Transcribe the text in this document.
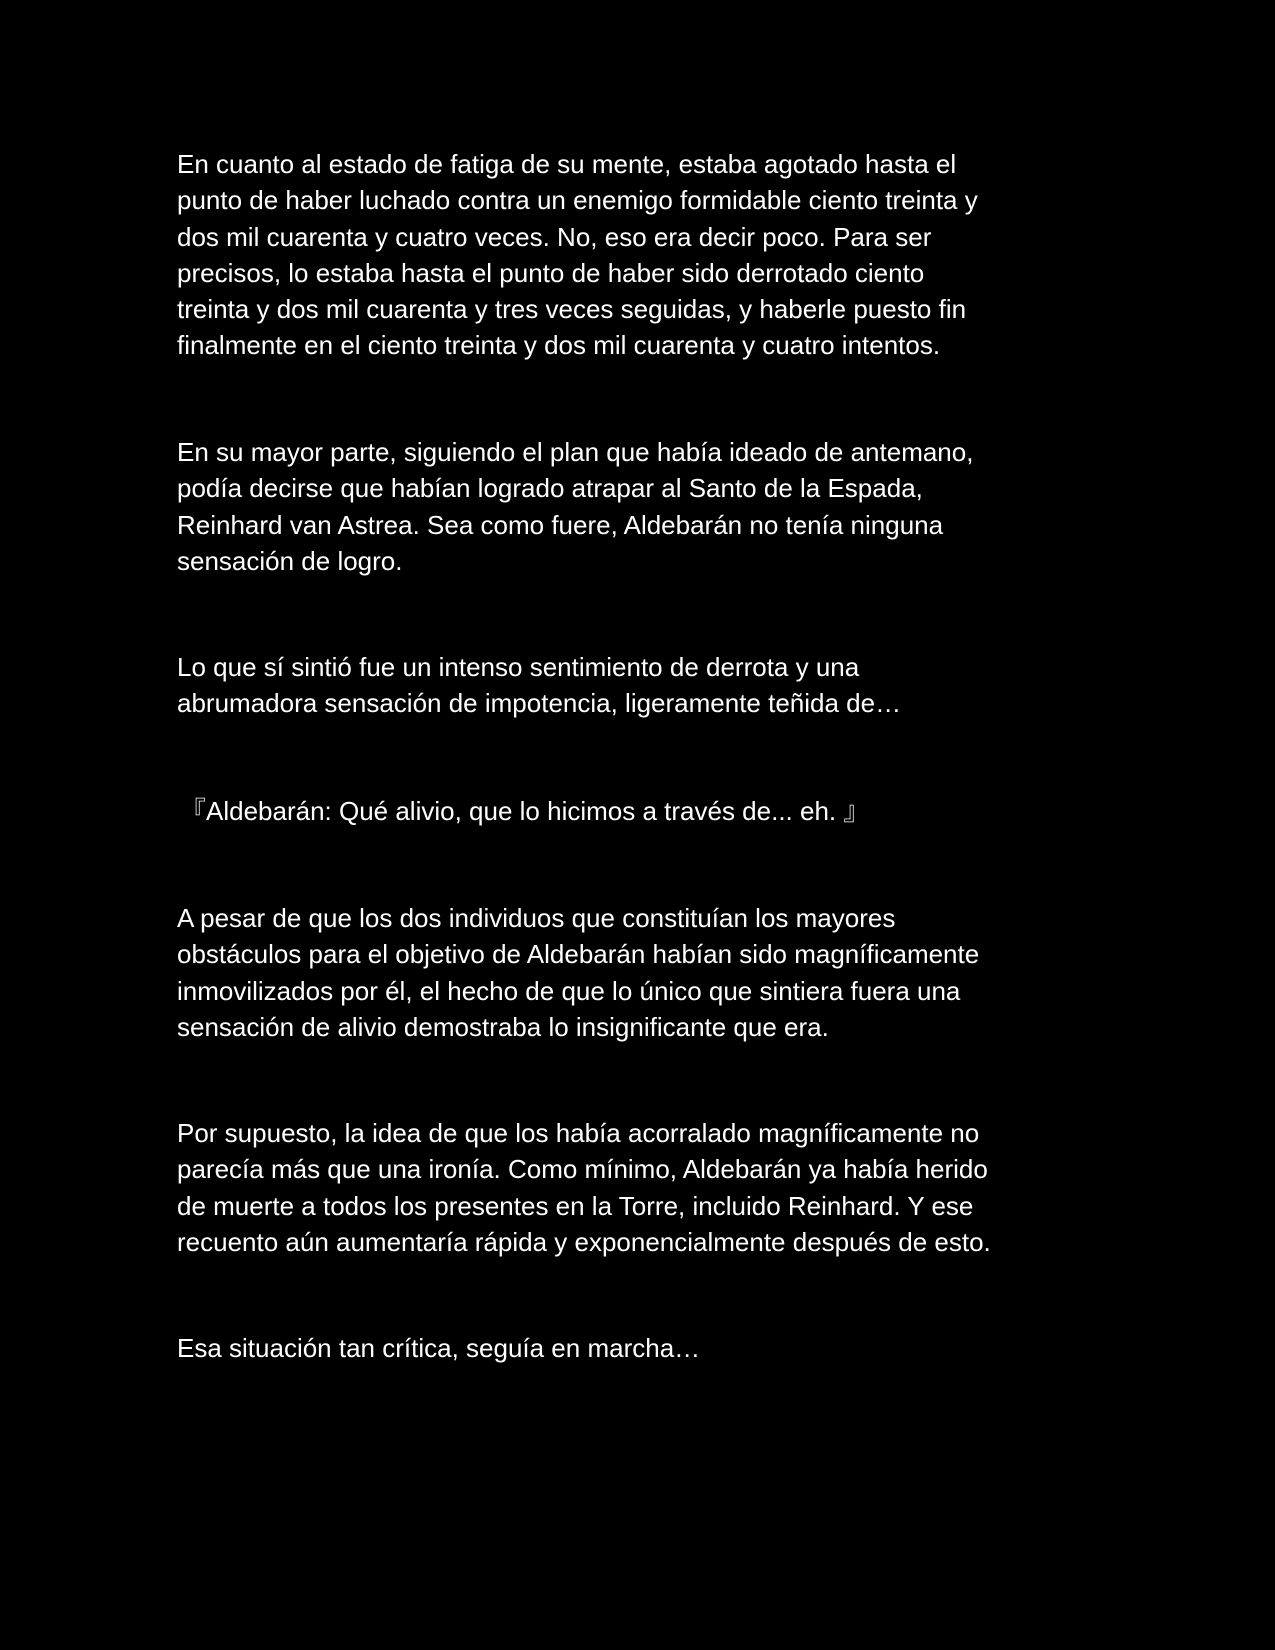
En cuanto al estado de fatiga de su mente, estaba agotado hasta el
punto de haber luchado contra un enemigo formidable ciento treinta y
dos mil cuarenta y cuatro veces. No, eso era decir poco. Para ser
precisos, lo estaba hasta el punto de haber sido derrotado ciento
treinta y dos mil cuarenta y tres veces seguidas, y haberle puesto fin
finalmente en el ciento treinta y dos mil cuarenta y cuatro intentos.

En su mayor parte, siguiendo el plan que había ideado de antemano,
podía decirse que habían logrado atrapar al Santo de la Espada,
Reinhard van Astrea. Sea como fuere, Aldebarán no tenía ninguna
sensación de logro.

Lo que sí sintió fue un intenso sentimiento de derrota y una
abrumadora sensación de impotencia, ligeramente teñida de…

『Aldebarán: Qué alivio, que lo hicimos a través de... eh. 』

A pesar de que los dos individuos que constituían los mayores
obstáculos para el objetivo de Aldebarán habían sido magníficamente
inmovilizados por él, el hecho de que lo único que sintiera fuera una
sensación de alivio demostraba lo insignificante que era.

Por supuesto, la idea de que los había acorralado magníficamente no
parecía más que una ironía. Como mínimo, Aldebarán ya había herido
de muerte a todos los presentes en la Torre, incluido Reinhard. Y ese
recuento aún aumentaría rápida y exponencialmente después de esto.

Esa situación tan crítica, seguía en marcha…
